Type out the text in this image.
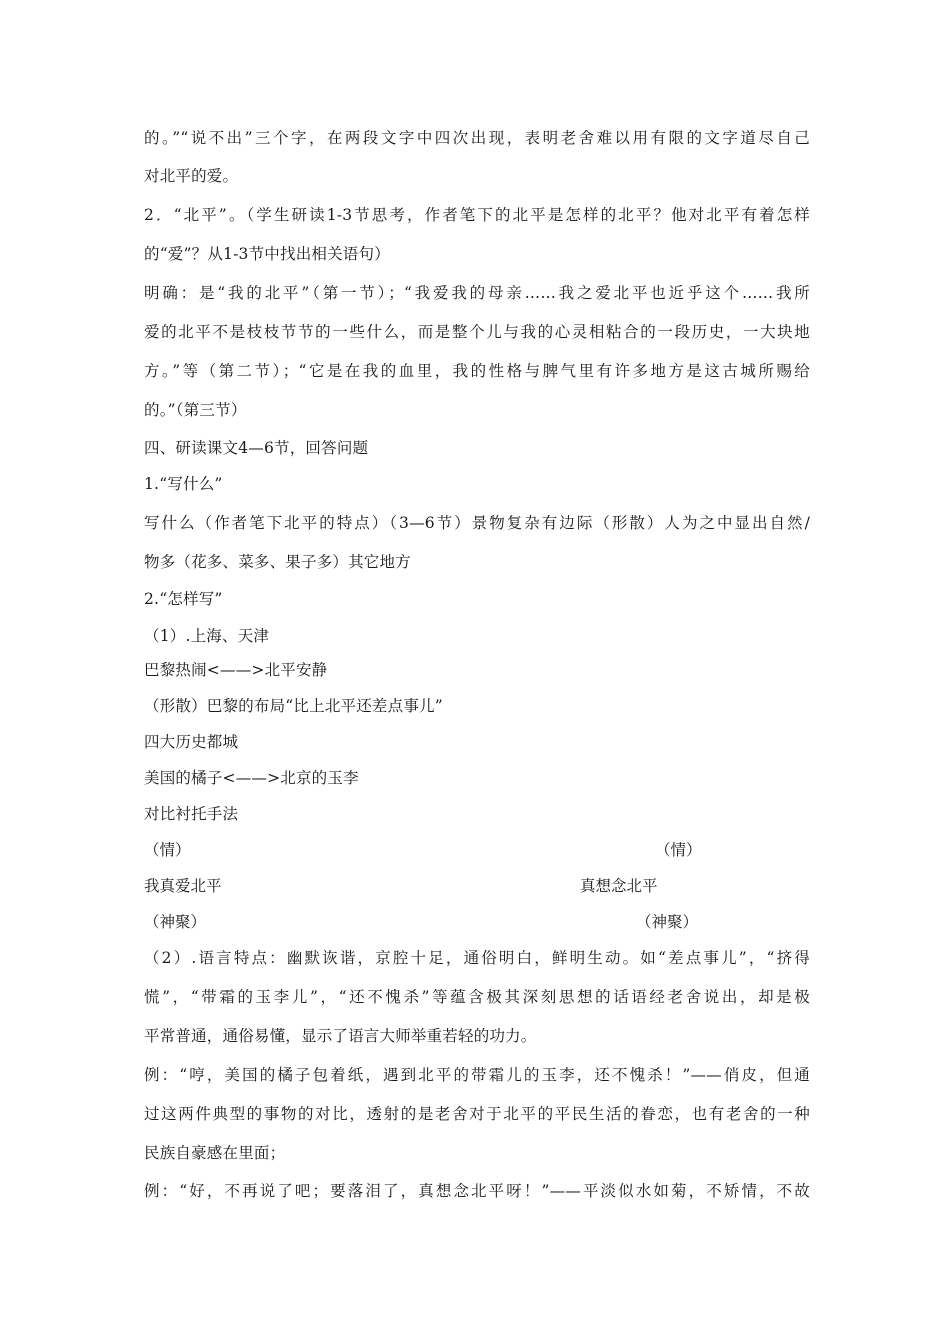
的。”“说不出”三个字，在两段文字中四次出现，表明老舍难以用有限的文字道尽自己
对北平的爱。
2．“北平”。（学生研读1-3节思考，作者笔下的北平是怎样的北平？他对北平有着怎样
的“爱”？从1-3节中找出相关语句）
明确：是“我的北平”（第一节）；“我爱我的母亲……我之爱北平也近乎这个……我所
爱的北平不是枝枝节节的一些什么，而是整个儿与我的心灵相粘合的一段历史，一大块地
方。”等（第二节）；“它是在我的血里，我的性格与脾气里有许多地方是这古城所赐给
的。”（第三节）
四、研读课文4—6节，回答问题
1.“写什么”
写什么（作者笔下北平的特点）（3—6节）景物复杂有边际（形散）人为之中显出自然/
物多（花多、菜多、果子多）其它地方
2.“怎样写”
（1）.上海、天津
巴黎热闹<——>北平安静
（形散）巴黎的布局“比上北平还差点事儿”
四大历史都城
美国的橘子<——>北京的玉李
对比衬托手法
（情）	（情）
我真爱北平	真想念北平
（神聚）	（神聚）
（2）.语言特点：幽默诙谐，京腔十足，通俗明白，鲜明生动。如“差点事儿”，“挤得
慌”，“带霜的玉李儿”，“还不愧杀”等蕴含极其深刻思想的话语经老舍说出，却是极
平常普通，通俗易懂，显示了语言大师举重若轻的功力。
例：“哼，美国的橘子包着纸，遇到北平的带霜儿的玉李，还不愧杀！”——俏皮，但通
过这两件典型的事物的对比，透射的是老舍对于北平的平民生活的眷恋，也有老舍的一种
民族自豪感在里面；
例：“好，不再说了吧；要落泪了，真想念北平呀！”——平淡似水如菊，不矫情，不故
